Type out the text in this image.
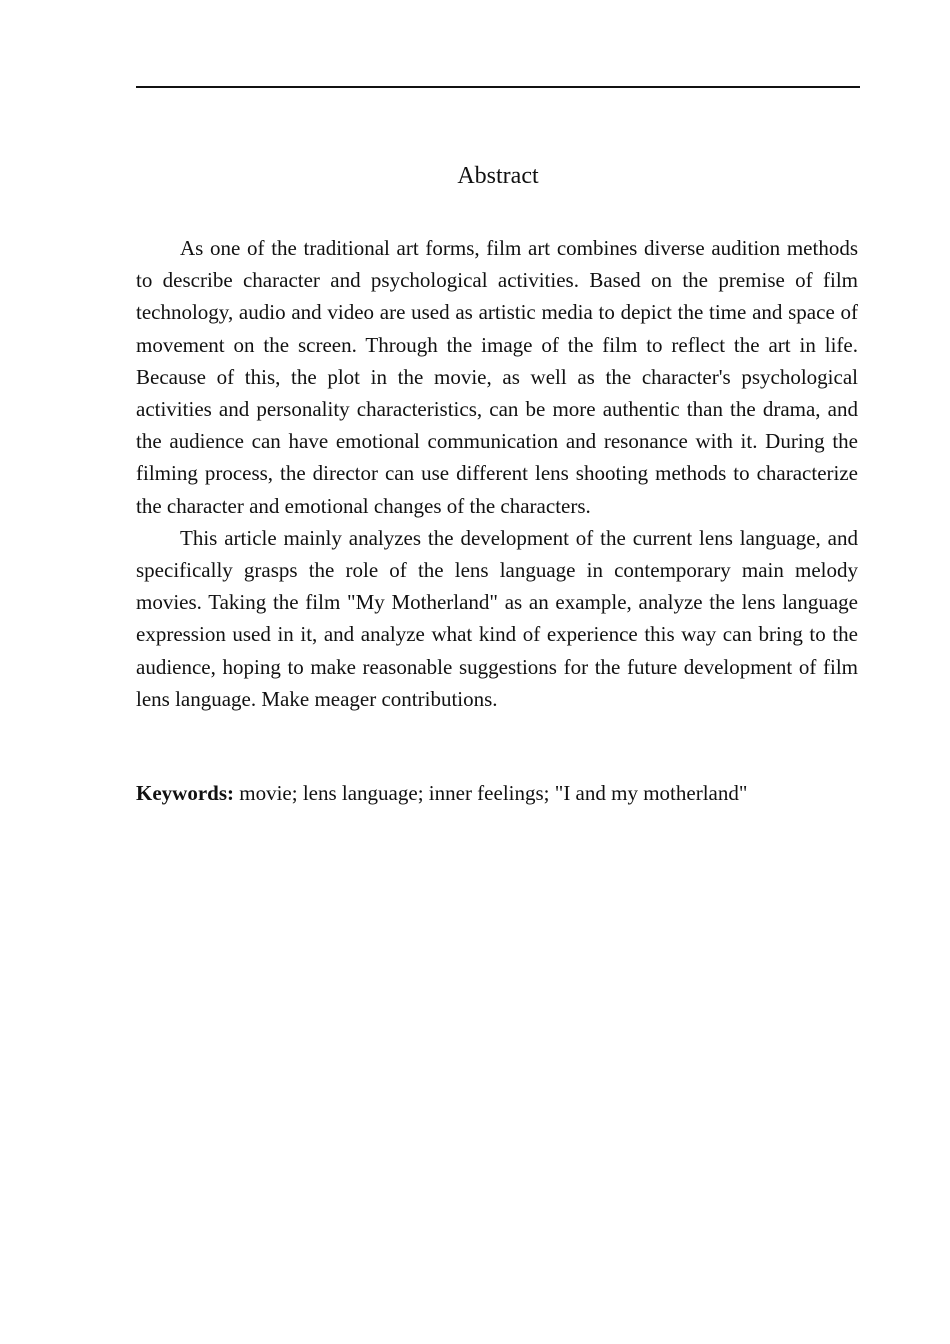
Abstract

As one of the traditional art forms, film art combines diverse audition methods to describe character and psychological activities. Based on the premise of film technology, audio and video are used as artistic media to depict the time and space of movement on the screen. Through the image of the film to reflect the art in life. Because of this, the plot in the movie, as well as the character's psychological activities and personality characteristics, can be more authentic than the drama, and the audience can have emotional communication and resonance with it. During the filming process, the director can use different lens shooting methods to characterize the character and emotional changes of the characters.

This article mainly analyzes the development of the current lens language, and specifically grasps the role of the lens language in contemporary main melody movies. Taking the film "My Motherland" as an example, analyze the lens language expression used in it, and analyze what kind of experience this way can bring to the audience, hoping to make reasonable suggestions for the future development of film lens language. Make meager contributions.

Keywords: movie; lens language; inner feelings; "I and my motherland"
